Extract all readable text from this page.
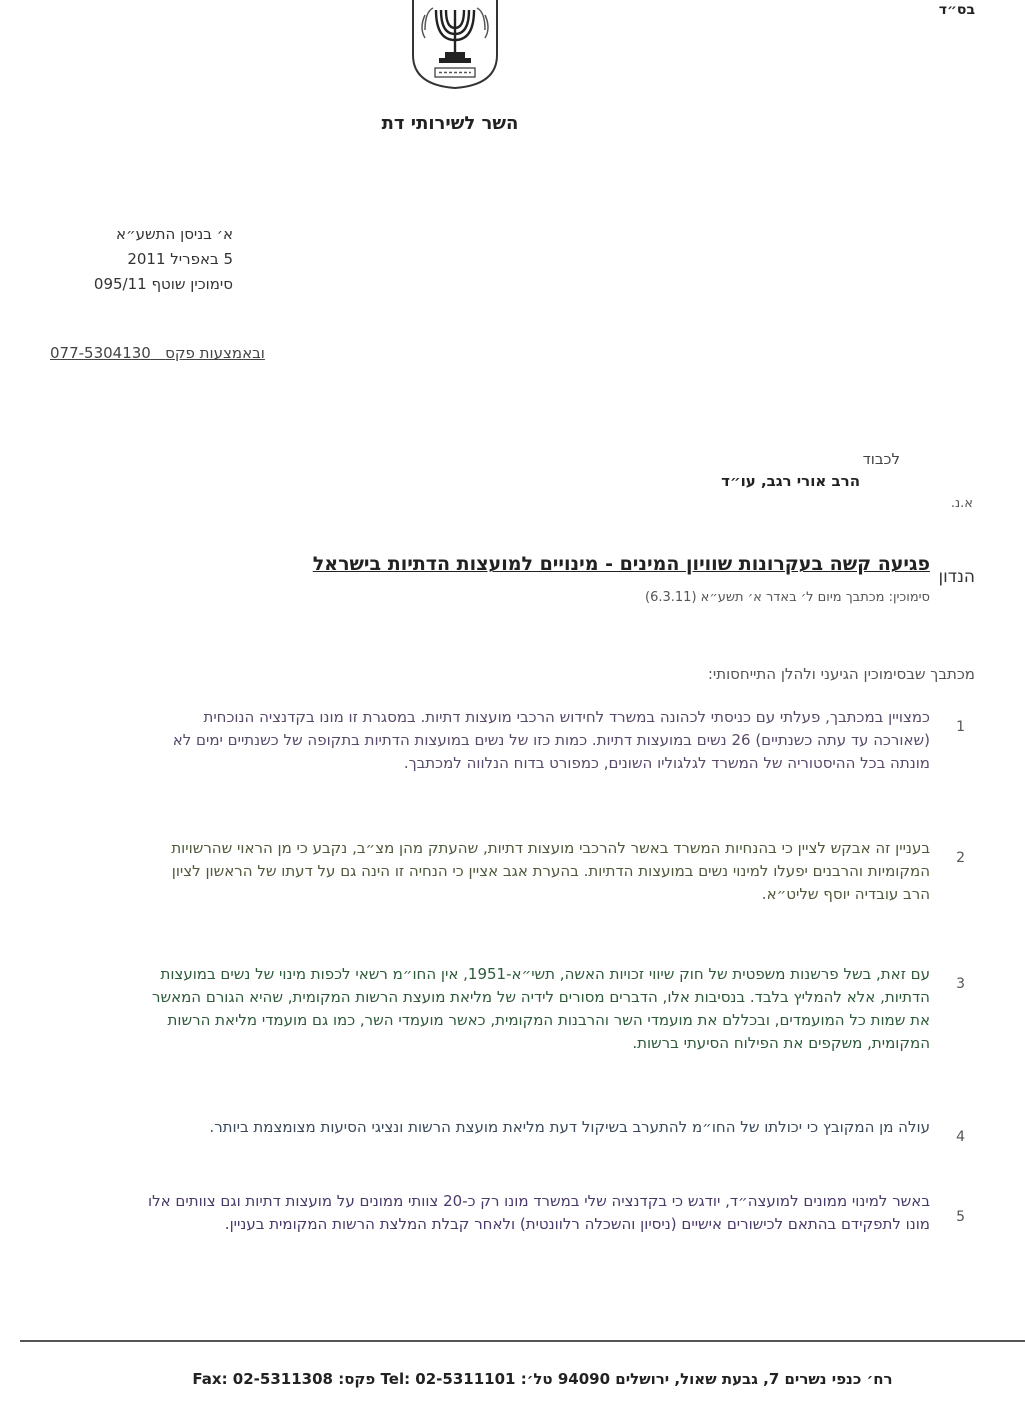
בס״ד
השר לשירותי דת
א׳ בניסן התשע״א
5 באפריל 2011
סימוכין שוטף 095/11
ובאמצעות פקס   077-5304130
לכבוד
הרב אורי רגב, עו״ד
א.נ.
הנדון
פגיעה קשה בעקרונות שוויון המינים - מינויים למועצות הדתיות בישראל
סימוכין: מכתבך מיום ל׳ באדר א׳ תשע״א (6.3.11)
מכתבך שבסימוכין הגיעני ולהלן התייחסותי:
1
כמצויין במכתבך, פעלתי עם כניסתי לכהונה במשרד לחידוש הרכבי מועצות דתיות. במסגרת זו מונו בקדנציה הנוכחית (שאורכה עד עתה כשנתיים) 26 נשים במועצות דתיות. כמות כזו של נשים במועצות הדתיות בתקופה של כשנתיים ימים לא מונתה בכל ההיסטוריה של המשרד לגלגוליו השונים, כמפורט בדוח הנלווה למכתבך.
2
בעניין זה אבקש לציין כי בהנחיות המשרד באשר להרכבי מועצות דתיות, שהעתק מהן מצ״ב, נקבע כי מן הראוי שהרשויות המקומיות והרבנים יפעלו למינוי נשים במועצות הדתיות. בהערת אגב אציין כי הנחיה זו הינה גם על דעתו של הראשון לציון הרב עובדיה יוסף שליט״א.
3
עם זאת, בשל פרשנות משפטית של חוק שיווי זכויות האשה, תשי״א-1951, אין החו״מ רשאי לכפות מינוי של נשים במועצות הדתיות, אלא להמליץ בלבד. בנסיבות אלו, הדברים מסורים לידיה של מליאת מועצת הרשות המקומית, שהיא הגורם המאשר את שמות כל המועמדים, ובכללם את מועמדי השר והרבנות המקומית, כאשר מועמדי השר, כמו גם מועמדי מליאת הרשות המקומית, משקפים את הפילוח הסיעתי ברשות.
4
עולה מן המקובץ כי יכולתו של החו״מ להתערב בשיקול דעת מליאת מועצת הרשות ונציגי הסיעות מצומצמת ביותר.
5
באשר למינוי ממונים למועצה״ד, יודגש כי בקדנציה שלי במשרד מונו רק כ-20 צוותי ממונים על מועצות דתיות וגם צוותים אלו מונו לתפקידם בהתאם לכישורים אישיים (ניסיון והשכלה רלוונטית) ולאחר קבלת המלצת הרשות המקומית בעניין.
רח׳ כנפי נשרים 7, גבעת שאול, ירושלים 94090 טל׳: Tel: 02-5311101 פקס: Fax: 02-5311308
